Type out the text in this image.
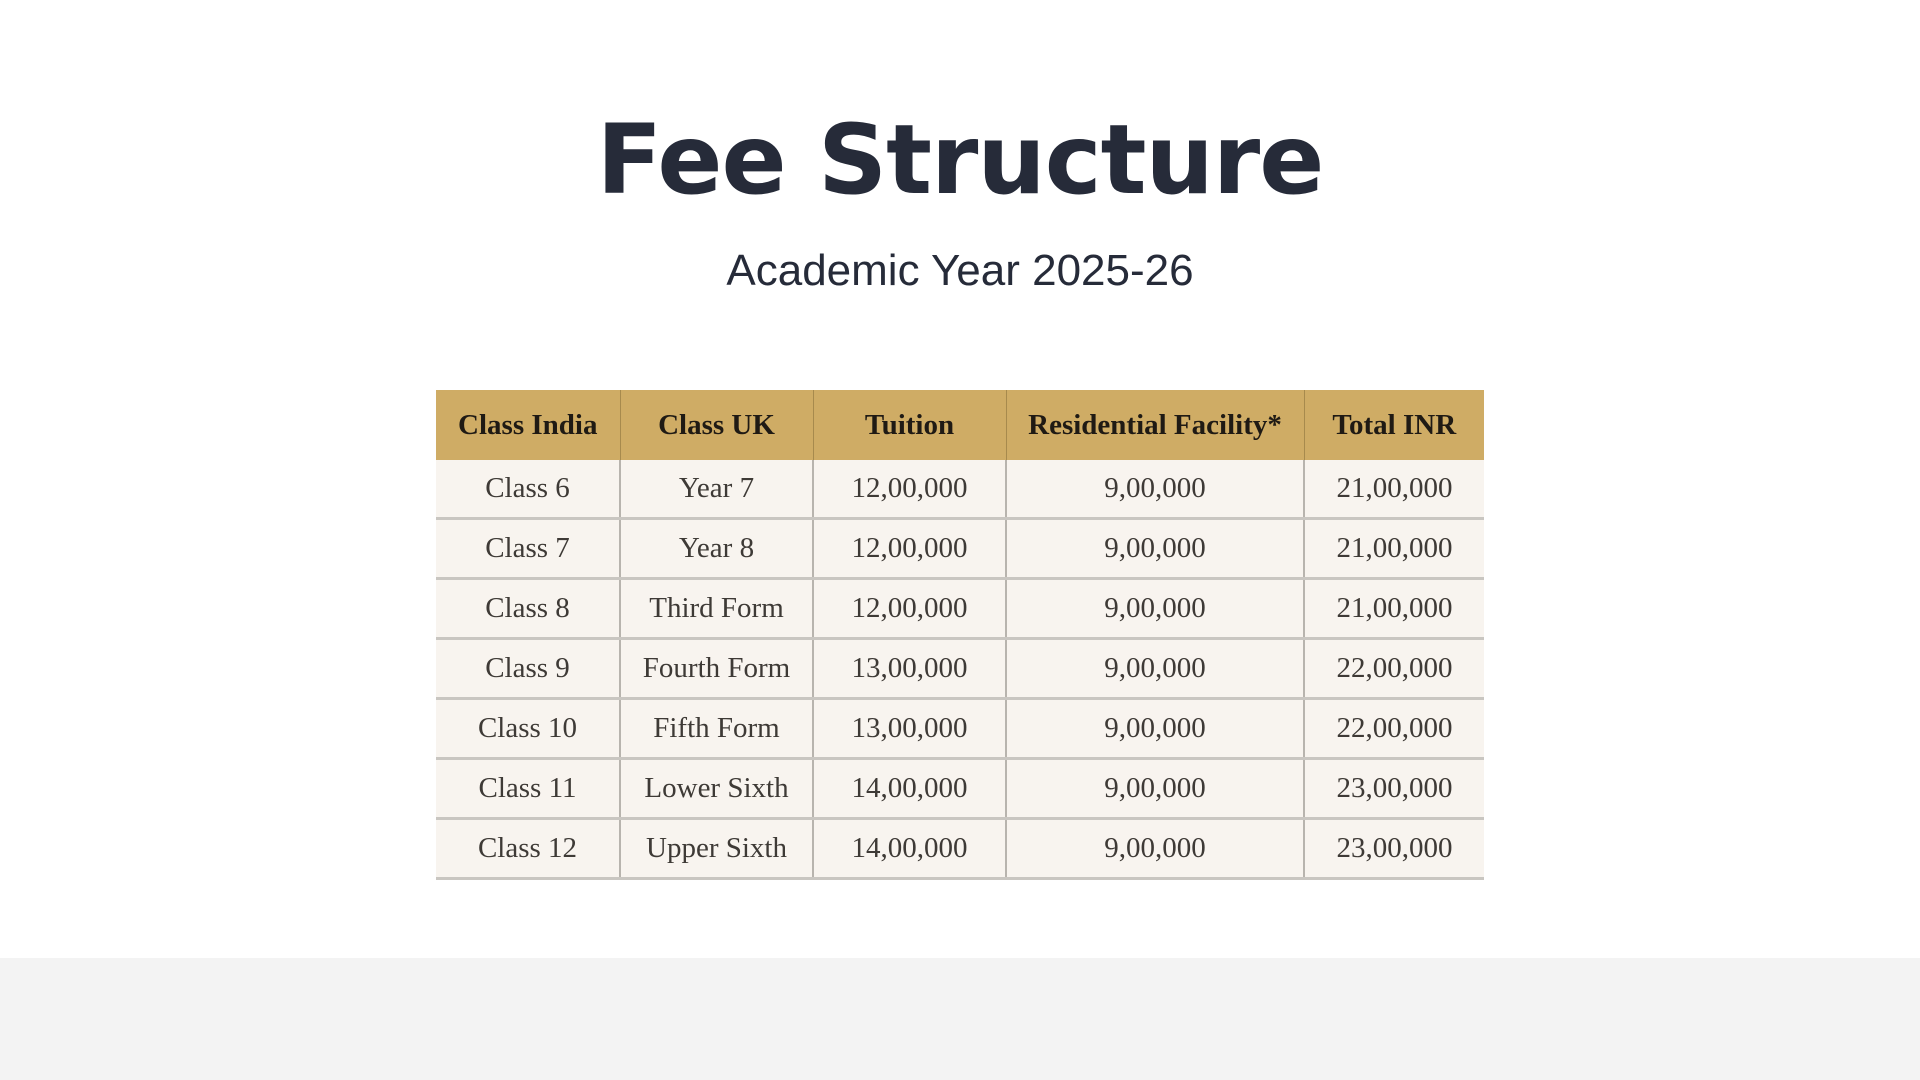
Fee Structure

Academic Year 2025-26

Class India	Class UK	Tuition	Residential Facility*	Total INR
Class 6	Year 7	12,00,000	9,00,000	21,00,000
Class 7	Year 8	12,00,000	9,00,000	21,00,000
Class 8	Third Form	12,00,000	9,00,000	21,00,000
Class 9	Fourth Form	13,00,000	9,00,000	22,00,000
Class 10	Fifth Form	13,00,000	9,00,000	22,00,000
Class 11	Lower Sixth	14,00,000	9,00,000	23,00,000
Class 12	Upper Sixth	14,00,000	9,00,000	23,00,000
